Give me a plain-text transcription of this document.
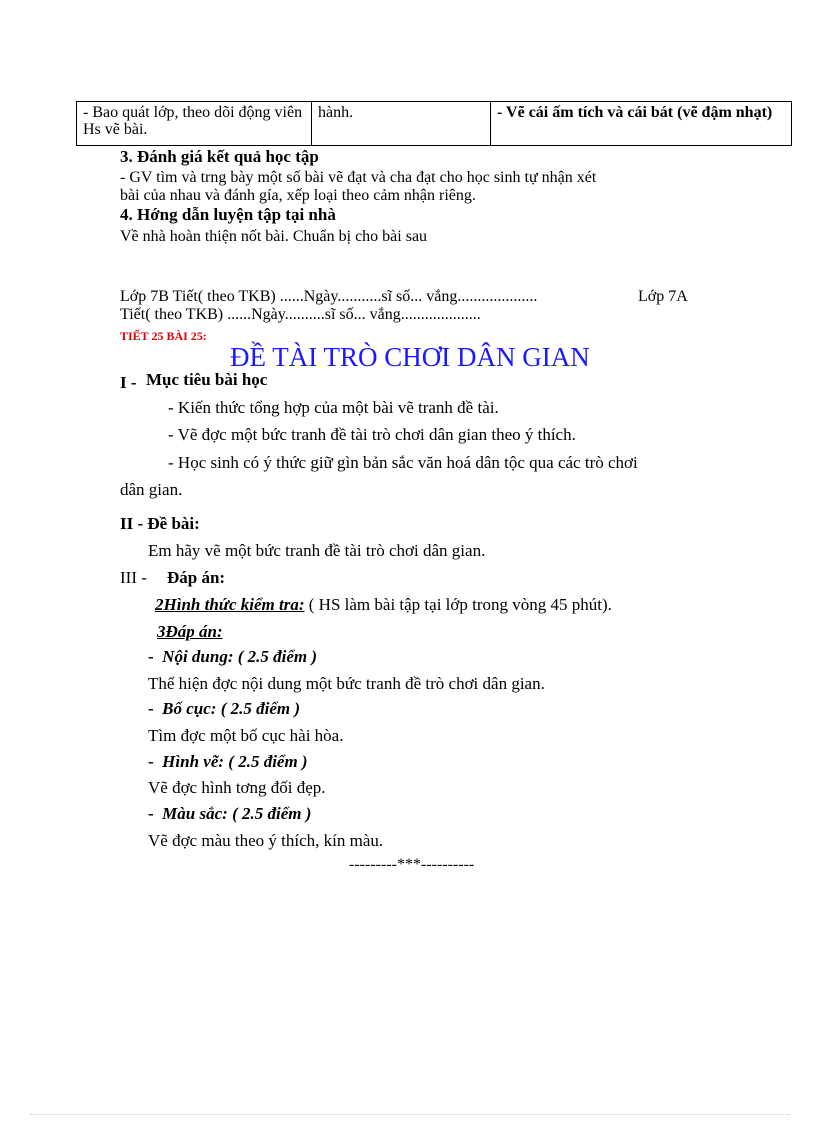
- Bao quát lớp, theo dõi động viên Hs vẽ bài.	hành.	- Vẽ cái ấm tích và cái bát (vẽ đậm nhạt)
3. Đánh giá kết quả học tập
- GV tìm và trng bày một số bài vẽ đạt và cha đạt cho học sinh tự nhận xét
bài của nhau và đánh gía, xếp loại theo cảm nhận riêng.
4. Hớng dẫn luyện tập tại nhà
Về nhà hoàn thiện nốt bài. Chuẩn bị cho bài sau
Lớp 7B Tiết( theo TKB) ......Ngày...........sĩ số... vắng....................	Lớp 7A
Tiết( theo TKB) ......Ngày..........sĩ số... vắng....................
TIẾT 25 BÀI 25:
ĐỀ TÀI TRÒ CHƠI DÂN GIAN
I - Mục tiêu bài học
- Kiến thức tổng hợp của một bài vẽ tranh đề tài.
- Vẽ đợc một bức tranh đề tài trò chơi dân gian theo ý thích.
- Học sinh có ý thức giữ gìn bản sắc văn hoá dân tộc qua các trò chơi
dân gian.
II - Đề bài:
Em hãy vẽ một bức tranh đề tài trò chơi dân gian.
III - Đáp án:
2Hình thức kiểm tra: ( HS làm bài tập tại lớp trong vòng 45 phút).
3Đáp án:
-  Nội dung: ( 2.5 điểm )
Thể hiện đợc nội dung một bức tranh đề trò chơi dân gian.
-  Bố cục: ( 2.5 điểm )
Tìm đợc một bố cục hài hòa.
-  Hình vẽ: ( 2.5 điểm )
Vẽ đợc hình tơng đối đẹp.
-  Màu sắc: ( 2.5 điểm )
Vẽ đợc màu theo ý thích, kín màu.
---------***----------
